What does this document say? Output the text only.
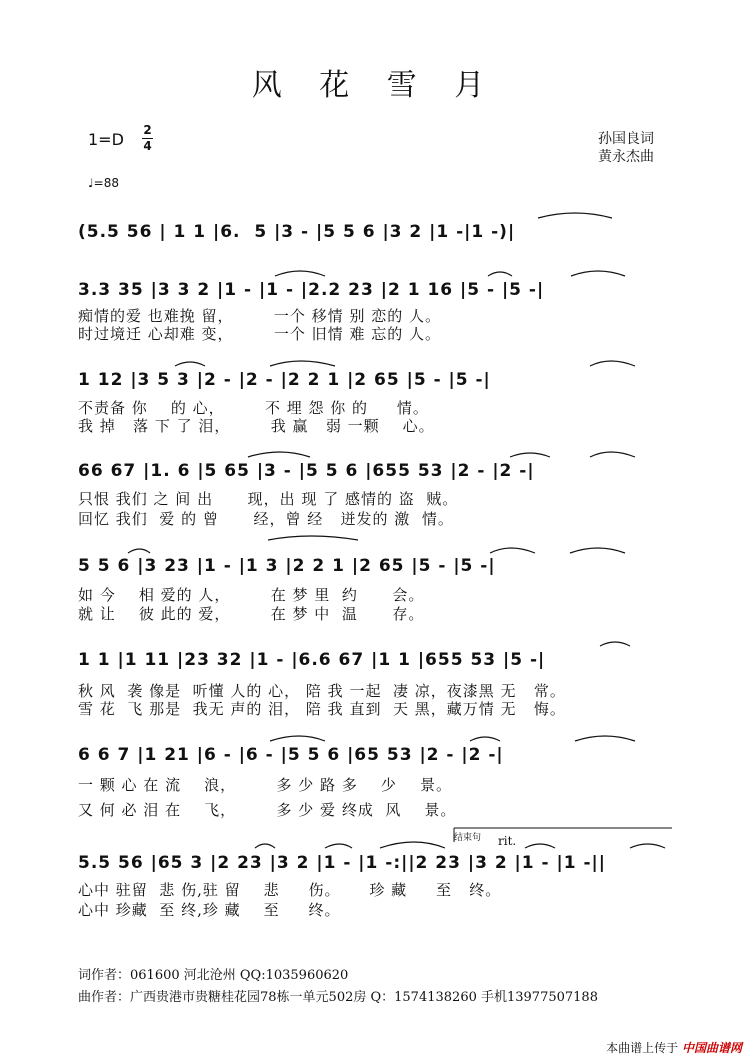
风 花 雪 月
孙国良词
黄永杰曲
1=D 2
4
♩=88
(5.5 56 | 1 1 |6.  5 |3 - |5 5 6 |3 2 |1 -|1 -)|
3.3 35 |3 3 2 |1 - |1 - |2.2 23 |2 1 16 |5 - |5 -|
痴情的爱 也难挽 留，       一个 移情 别 恋的 人。
时过境迁 心却难 变，       一个 旧情 难 忘的 人。
1 12 |3 5 3 |2 - |2 - |2 2 1 |2 65 |5 - |5 -|
不责备 你    的 心，       不 埋 怨 你 的     情。
我 掉   落 下 了 泪，       我 赢   弱 一颗    心。
66 67 |1. 6 |5 65 |3 - |5 5 6 |655 53 |2 - |2 -|
只恨 我们 之 间 出      现，出 现 了 感情的 盗  贼。
回忆 我们  爱 的 曾      经，曾 经   迸发的 激  情。
5 5 6 |3 23 |1 - |1 3 |2 2 1 |2 65 |5 - |5 -|
如 今    相 爱的 人，       在 梦 里  约      会。
就 让    彼 此的 爱，       在 梦 中  温      存。
1 1 |1 11 |23 32 |1 - |6.6 67 |1 1 |655 53 |5 -|
秋 风  袭 像是  听懂 人的 心， 陪 我 一起  凄 凉，夜漆黑 无   常。
雪 花  飞 那是  我无 声的 泪， 陪 我 直到  天 黑，藏万情 无   悔。
6 6 7 |1 21 |6 - |6 - |5 5 6 |65 53 |2 - |2 -|
一 颗 心 在 流    浪，       多 少 路 多    少    景。
又 何 必 泪 在    飞，       多 少 爱 终成  风    景。
结束句 rit.
5.5 56 |65 3 |2 23 |3 2 |1 - |1 -:||2 23 |3 2 |1 - |1 -||
心中 驻留  悲 伤,驻 留    悲     伤。     珍 藏     至   终。
心中 珍藏  至 终,珍 藏    至     终。
词作者：061600 河北沧州 QQ:1035960620
曲作者：广西贵港市贵糖桂花园78栋一单元502房 Q：1574138260 手机13977507188
本曲谱上传于 中国曲谱网
